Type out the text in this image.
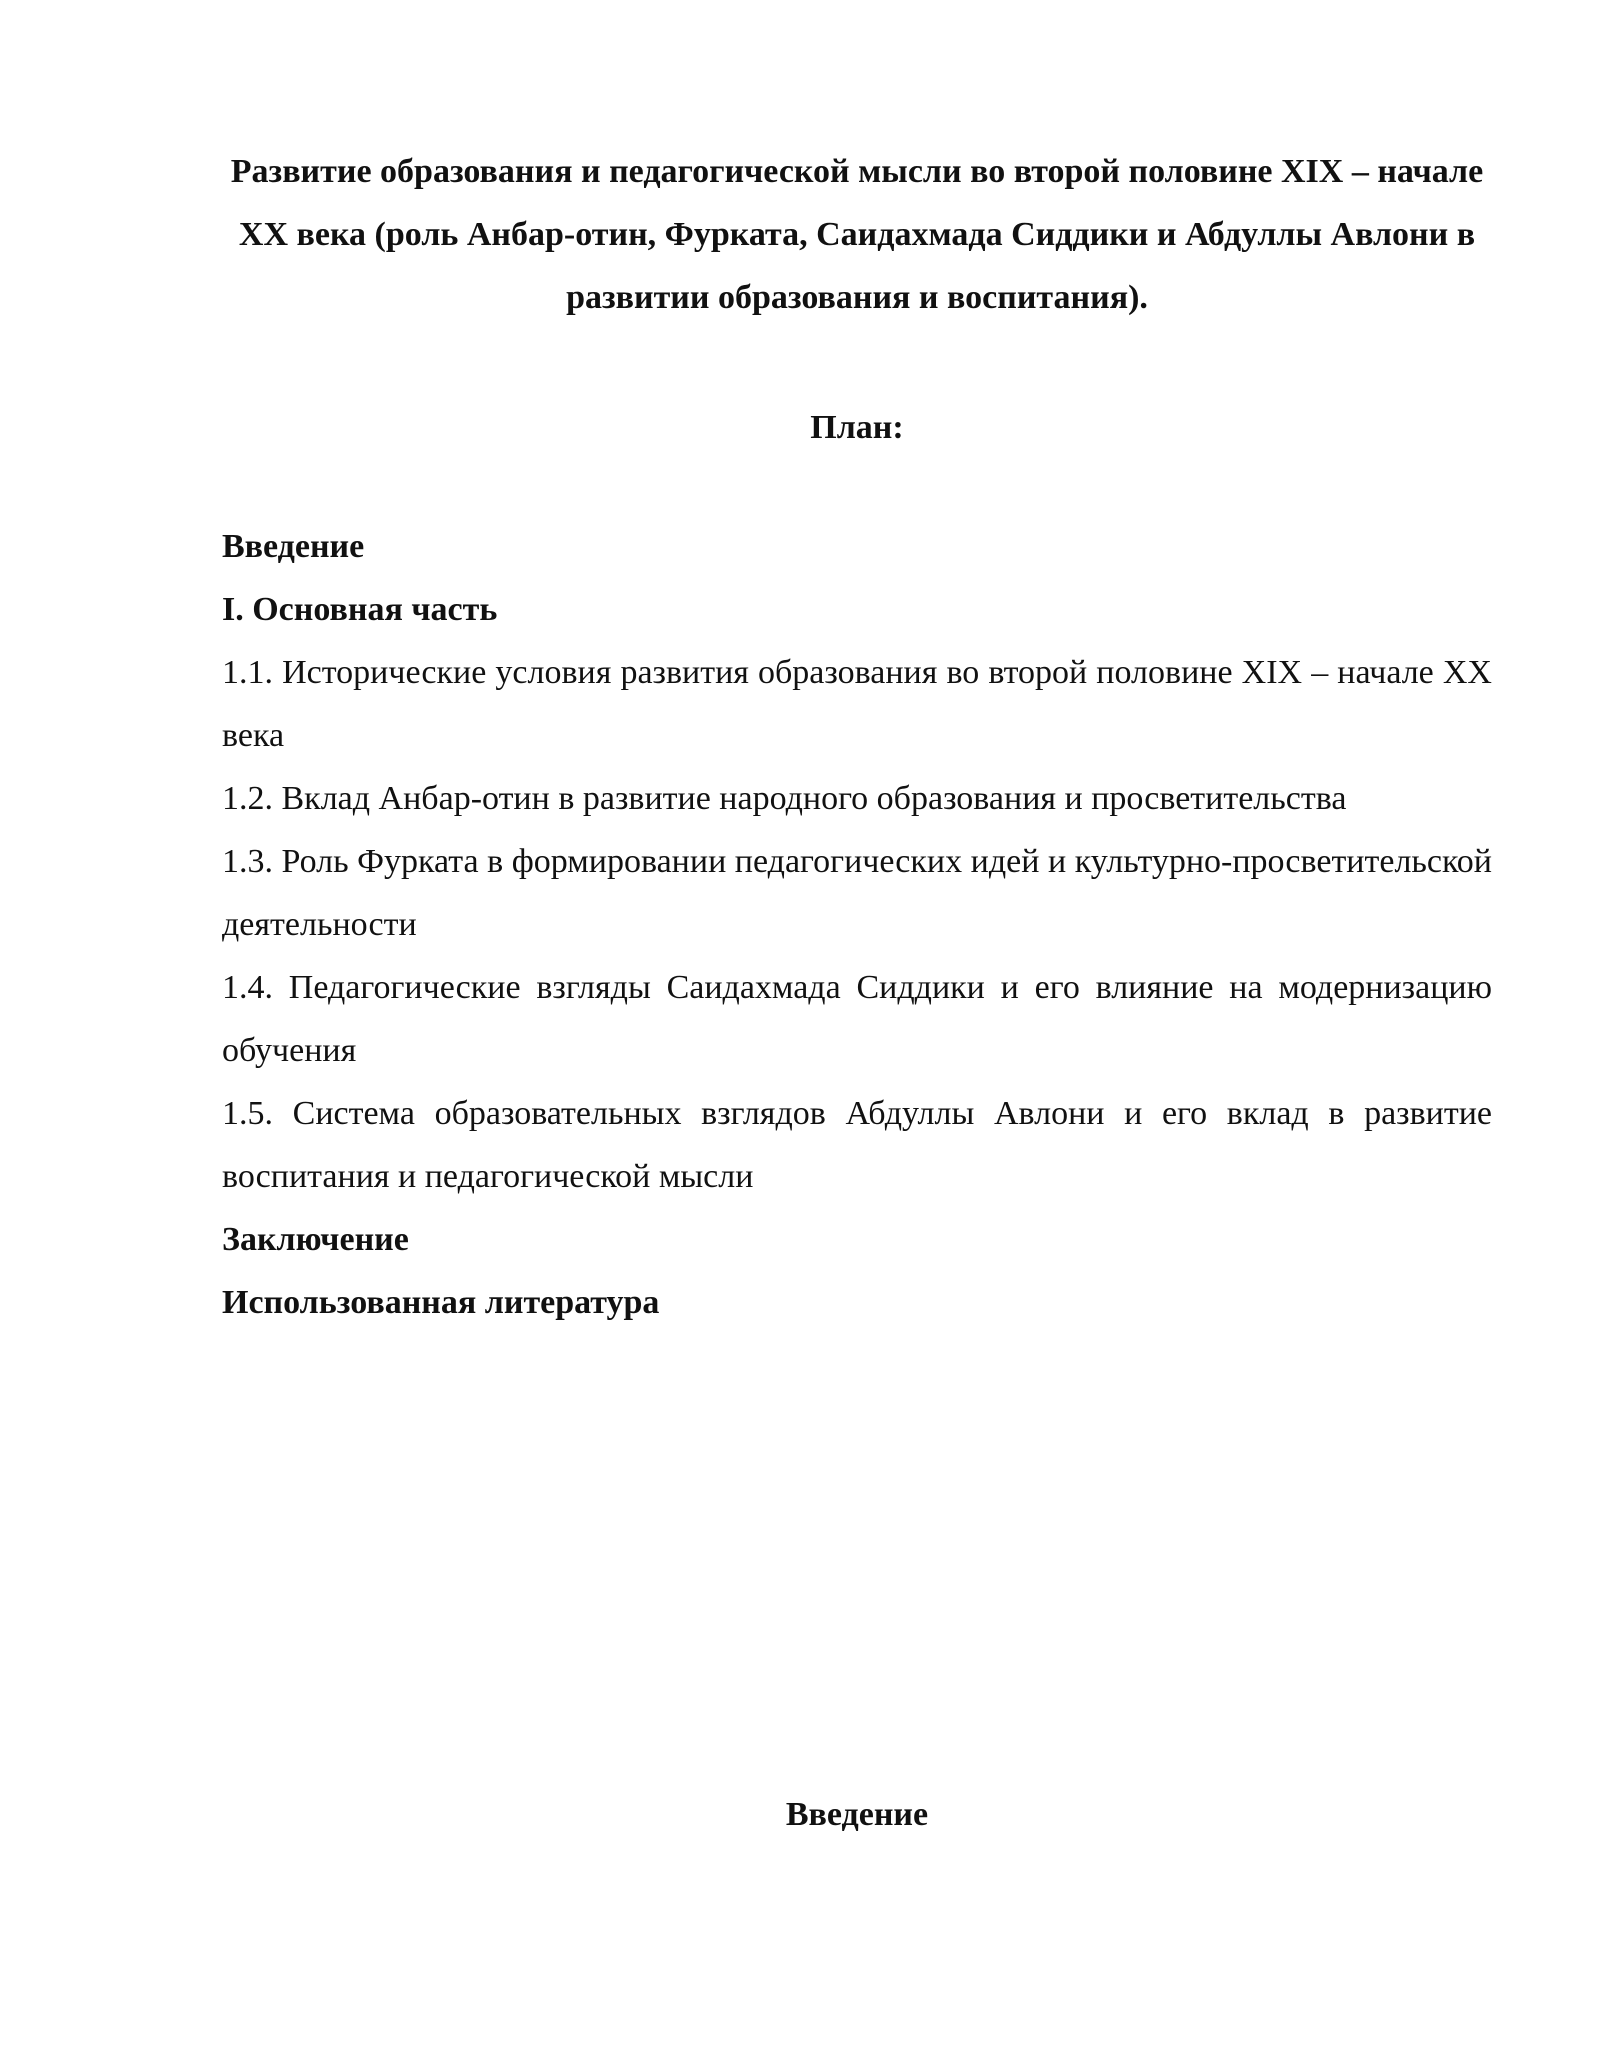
Развитие образования и педагогической мысли во второй половине XIX – начале XX века (роль Анбар-отин, Фурката, Саидахмада Сиддики и Абдуллы Авлони в развитии образования и воспитания).
План:
Введение
I. Основная часть
1.1. Исторические условия развития образования во второй половине XIX – начале XX века
1.2. Вклад Анбар-отин в развитие народного образования и просветительства
1.3. Роль Фурката в формировании педагогических идей и культурно-просветительской деятельности
1.4. Педагогические взгляды Саидахмада Сиддики и его влияние на модернизацию обучения
1.5. Система образовательных взглядов Абдуллы Авлони и его вклад в развитие воспитания и педагогической мысли
Заключение
Использованная литература
Введение
